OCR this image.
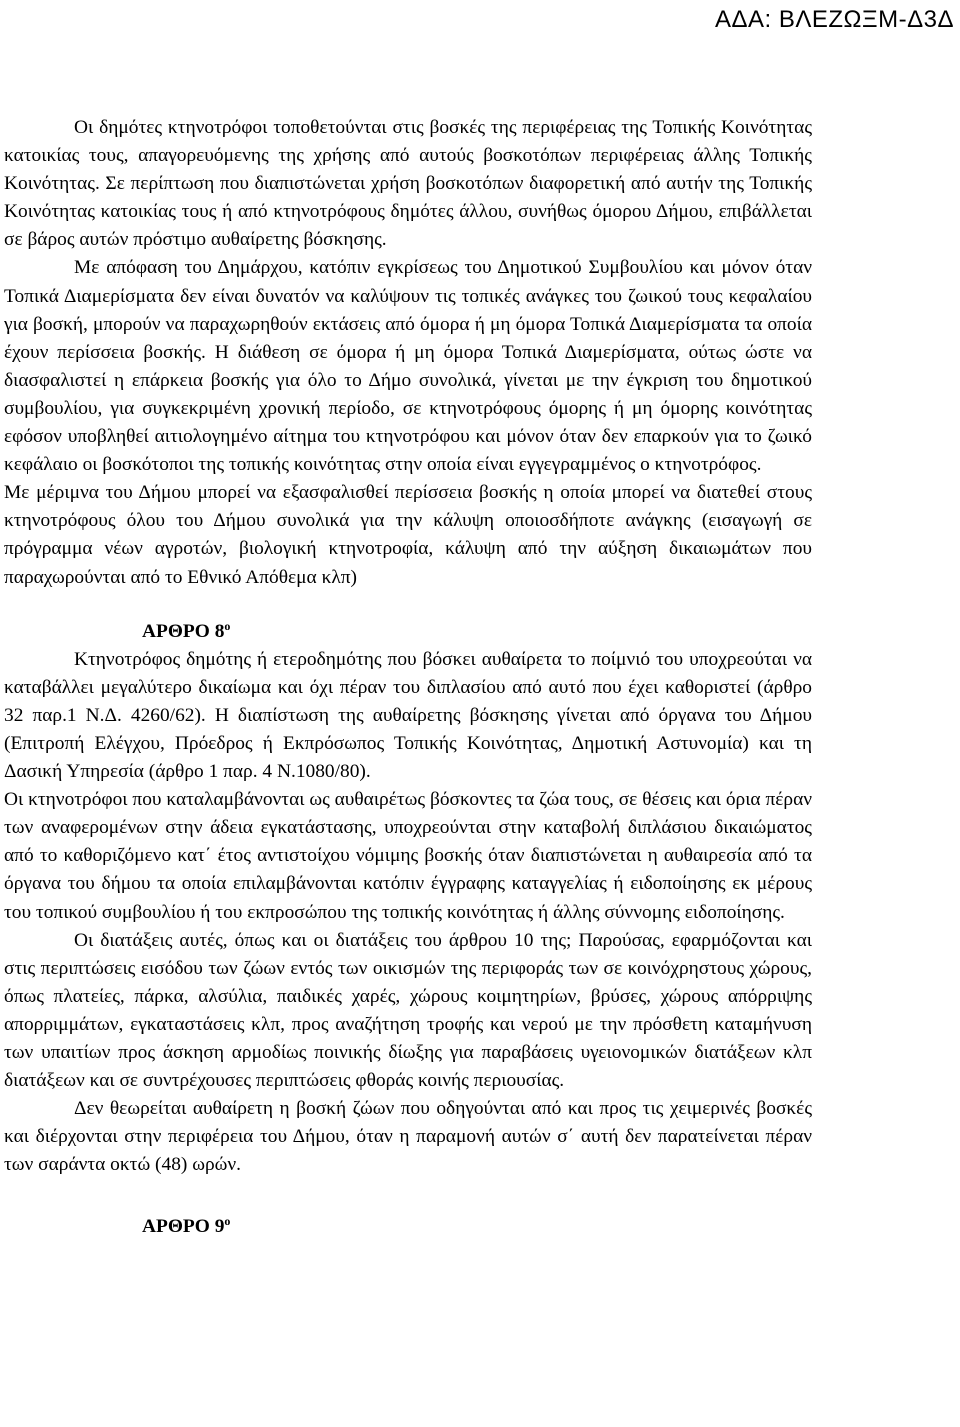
ΑΔΑ: ΒΛΕΖΩΞΜ-Δ3Δ

Οι δημότες κτηνοτρόφοι τοποθετούνται στις βοσκές της περιφέρειας της Τοπικής Κοινότητας κατοικίας τους, απαγορευόμενης της χρήσης από αυτούς βοσκοτόπων περιφέρειας άλλης Τοπικής Κοινότητας. Σε περίπτωση που διαπιστώνεται χρήση βοσκοτόπων διαφορετική από αυτήν της Τοπικής Κοινότητας κατοικίας τους ή από κτηνοτρόφους δημότες άλλου, συνήθως όμορου Δήμου, επιβάλλεται σε βάρος αυτών πρόστιμο αυθαίρετης βόσκησης.

Με απόφαση του Δημάρχου, κατόπιν εγκρίσεως του Δημοτικού Συμβουλίου και μόνον όταν Τοπικά Διαμερίσματα δεν είναι δυνατόν να καλύψουν τις τοπικές ανάγκες του ζωικού τους κεφαλαίου για βοσκή, μπορούν να παραχωρηθούν εκτάσεις από όμορα ή μη όμορα Τοπικά Διαμερίσματα τα οποία έχουν περίσσεια βοσκής. Η διάθεση σε όμορα ή μη όμορα Τοπικά Διαμερίσματα, ούτως ώστε να διασφαλιστεί η επάρκεια βοσκής για όλο το Δήμο συνολικά, γίνεται με την έγκριση του δημοτικού συμβουλίου, για συγκεκριμένη χρονική περίοδο, σε κτηνοτρόφους όμορης ή μη όμορης κοινότητας εφόσον υποβληθεί αιτιολογημένο αίτημα του κτηνοτρόφου και μόνον όταν δεν επαρκούν για το ζωικό κεφάλαιο οι βοσκότοποι της τοπικής κοινότητας στην οποία είναι εγγεγραμμένος ο κτηνοτρόφος.

Με μέριμνα του Δήμου μπορεί να εξασφαλισθεί περίσσεια βοσκής η οποία μπορεί να διατεθεί στους κτηνοτρόφους όλου του Δήμου συνολικά για την κάλυψη οποιοσδήποτε ανάγκης (εισαγωγή σε πρόγραμμα νέων αγροτών, βιολογική κτηνοτροφία, κάλυψη από την αύξηση δικαιωμάτων που παραχωρούνται από το Εθνικό Απόθεμα κλπ)

ΑΡΘΡΟ $8^o$

Κτηνοτρόφος δημότης ή ετεροδημότης που βόσκει αυθαίρετα το ποίμνιό του υποχρεούται να καταβάλλει μεγαλύτερο δικαίωμα και όχι πέραν του διπλασίου από αυτό που έχει καθοριστεί (άρθρο 32 παρ.1 Ν.Δ. 4260/62). Η διαπίστωση της αυθαίρετης βόσκησης γίνεται από όργανα του Δήμου (Επιτροπή Ελέγχου, Πρόεδρος ή Εκπρόσωπος Τοπικής Κοινότητας, Δημοτική Αστυνομία) και τη Δασική Υπηρεσία (άρθρο 1 παρ. 4 Ν.1080/80).

Οι κτηνοτρόφοι που καταλαμβάνονται ως αυθαιρέτως βόσκοντες τα ζώα τους, σε θέσεις και όρια πέραν των αναφερομένων στην άδεια εγκατάστασης, υποχρεούνται στην καταβολή διπλάσιου δικαιώματος από το καθοριζόμενο κατ΄ έτος αντιστοίχου νόμιμης βοσκής όταν διαπιστώνεται η αυθαιρεσία από τα όργανα του δήμου τα οποία επιλαμβάνονται κατόπιν έγγραφης καταγγελίας ή ειδοποίησης εκ μέρους του τοπικού συμβουλίου ή του εκπροσώπου της τοπικής κοινότητας ή άλλης σύννομης ειδοποίησης.

Οι διατάξεις αυτές, όπως και οι διατάξεις του άρθρου 10 της; Παρούσας, εφαρμόζονται και στις περιπτώσεις εισόδου των ζώων εντός των οικισμών της περιφοράς των σε κοινόχρηστους χώρους, όπως πλατείες, πάρκα, αλσύλια, παιδικές χαρές, χώρους κοιμητηρίων, βρύσες, χώρους απόρριψης απορριμμάτων, εγκαταστάσεις κλπ, προς αναζήτηση τροφής και νερού με την πρόσθετη καταμήνυση των υπαιτίων προς άσκηση αρμοδίως ποινικής δίωξης για παραβάσεις υγειονομικών διατάξεων κλπ διατάξεων και σε συντρέχουσες περιπτώσεις φθοράς κοινής περιουσίας.

Δεν θεωρείται αυθαίρετη η βοσκή ζώων που οδηγούνται από και προς τις χειμερινές βοσκές και διέρχονται στην περιφέρεια του Δήμου, όταν η παραμονή αυτών σ΄ αυτή δεν παρατείνεται πέραν των σαράντα οκτώ (48) ωρών.

ΑΡΘΡΟ $9^o$
